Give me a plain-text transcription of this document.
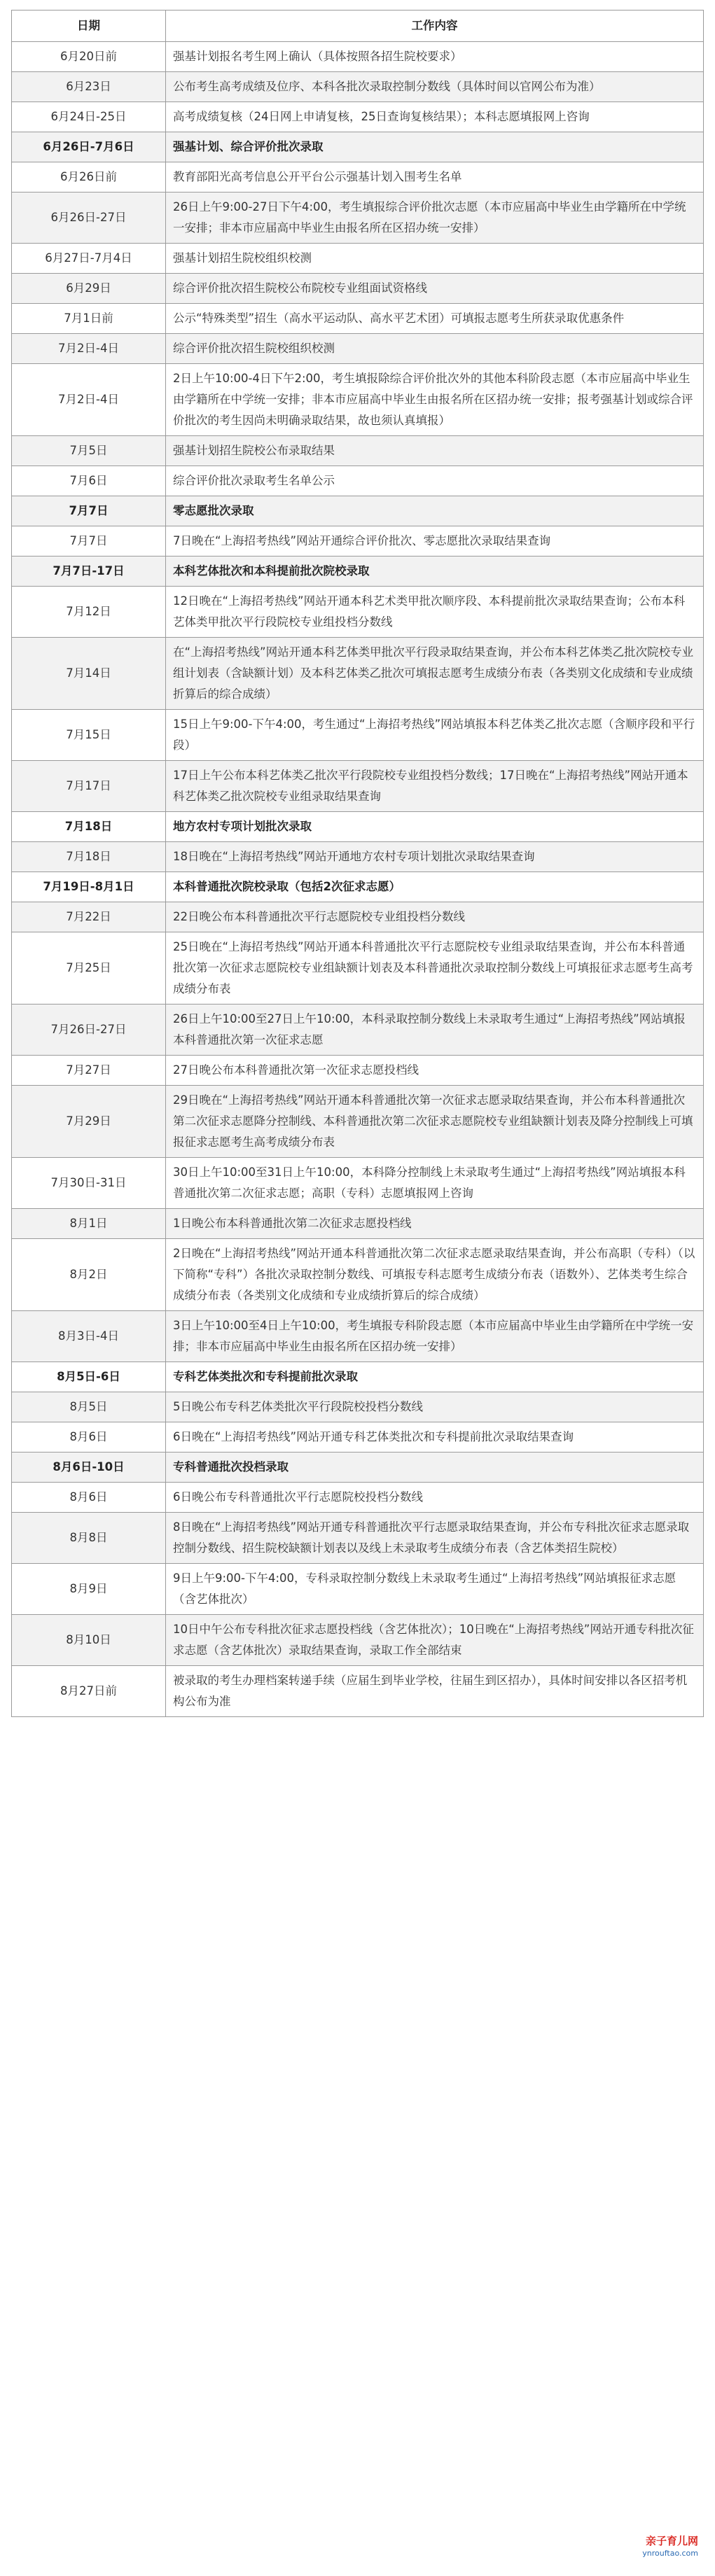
日期	工作内容
6月20日前	强基计划报名考生网上确认（具体按照各招生院校要求）
6月23日	公布考生高考成绩及位序、本科各批次录取控制分数线（具体时间以官网公布为准）
6月24日-25日	高考成绩复核（24日网上申请复核，25日查询复核结果）；本科志愿填报网上咨询
6月26日-7月6日	强基计划、综合评价批次录取
6月26日前	教育部阳光高考信息公开平台公示强基计划入围考生名单
6月26日-27日	26日上午9:00-27日下午4:00，考生填报综合评价批次志愿（本市应届高中毕业生由学籍所在中学统一安排；非本市应届高中毕业生由报名所在区招办统一安排）
6月27日-7月4日	强基计划招生院校组织校测
6月29日	综合评价批次招生院校公布院校专业组面试资格线
7月1日前	公示“特殊类型”招生（高水平运动队、高水平艺术团）可填报志愿考生所获录取优惠条件
7月2日-4日	综合评价批次招生院校组织校测
7月2日-4日	2日上午10:00-4日下午2:00，考生填报除综合评价批次外的其他本科阶段志愿（本市应届高中毕业生由学籍所在中学统一安排；非本市应届高中毕业生由报名所在区招办统一安排；报考强基计划或综合评价批次的考生因尚未明确录取结果，故也须认真填报）
7月5日	强基计划招生院校公布录取结果
7月6日	综合评价批次录取考生名单公示
7月7日	零志愿批次录取
7月7日	7日晚在“上海招考热线”网站开通综合评价批次、零志愿批次录取结果查询
7月7日-17日	本科艺体批次和本科提前批次院校录取
7月12日	12日晚在“上海招考热线”网站开通本科艺术类甲批次顺序段、本科提前批次录取结果查询；公布本科艺体类甲批次平行段院校专业组投档分数线
7月14日	在“上海招考热线”网站开通本科艺体类甲批次平行段录取结果查询，并公布本科艺体类乙批次院校专业组计划表（含缺额计划）及本科艺体类乙批次可填报志愿考生成绩分布表（各类别文化成绩和专业成绩折算后的综合成绩）
7月15日	15日上午9:00-下午4:00，考生通过“上海招考热线”网站填报本科艺体类乙批次志愿（含顺序段和平行段）
7月17日	17日上午公布本科艺体类乙批次平行段院校专业组投档分数线；17日晚在“上海招考热线”网站开通本科艺体类乙批次院校专业组录取结果查询
7月18日	地方农村专项计划批次录取
7月18日	18日晚在“上海招考热线”网站开通地方农村专项计划批次录取结果查询
7月19日-8月1日	本科普通批次院校录取（包括2次征求志愿）
7月22日	22日晚公布本科普通批次平行志愿院校专业组投档分数线
7月25日	25日晚在“上海招考热线”网站开通本科普通批次平行志愿院校专业组录取结果查询，并公布本科普通批次第一次征求志愿院校专业组缺额计划表及本科普通批次录取控制分数线上可填报征求志愿考生高考成绩分布表
7月26日-27日	26日上午10:00至27日上午10:00，本科录取控制分数线上未录取考生通过“上海招考热线”网站填报本科普通批次第一次征求志愿
7月27日	27日晚公布本科普通批次第一次征求志愿投档线
7月29日	29日晚在“上海招考热线”网站开通本科普通批次第一次征求志愿录取结果查询，并公布本科普通批次第二次征求志愿降分控制线、本科普通批次第二次征求志愿院校专业组缺额计划表及降分控制线上可填报征求志愿考生高考成绩分布表
7月30日-31日	30日上午10:00至31日上午10:00，本科降分控制线上未录取考生通过“上海招考热线”网站填报本科普通批次第二次征求志愿；高职（专科）志愿填报网上咨询
8月1日	1日晚公布本科普通批次第二次征求志愿投档线
8月2日	2日晚在“上海招考热线”网站开通本科普通批次第二次征求志愿录取结果查询，并公布高职（专科）（以下简称“专科”）各批次录取控制分数线、可填报专科志愿考生成绩分布表（语数外）、艺体类考生综合成绩分布表（各类别文化成绩和专业成绩折算后的综合成绩）
8月3日-4日	3日上午10:00至4日上午10:00，考生填报专科阶段志愿（本市应届高中毕业生由学籍所在中学统一安排；非本市应届高中毕业生由报名所在区招办统一安排）
8月5日-6日	专科艺体类批次和专科提前批次录取
8月5日	5日晚公布专科艺体类批次平行段院校投档分数线
8月6日	6日晚在“上海招考热线”网站开通专科艺体类批次和专科提前批次录取结果查询
8月6日-10日	专科普通批次投档录取
8月6日	6日晚公布专科普通批次平行志愿院校投档分数线
8月8日	8日晚在“上海招考热线”网站开通专科普通批次平行志愿录取结果查询，并公布专科批次征求志愿录取控制分数线、招生院校缺额计划表以及线上未录取考生成绩分布表（含艺体类招生院校）
8月9日	9日上午9:00-下午4:00，专科录取控制分数线上未录取考生通过“上海招考热线”网站填报征求志愿（含艺体批次）
8月10日	10日中午公布专科批次征求志愿投档线（含艺体批次）；10日晚在“上海招考热线”网站开通专科批次征求志愿（含艺体批次）录取结果查询，录取工作全部结束
8月27日前	被录取的考生办理档案转递手续（应届生到毕业学校，往届生到区招办），具体时间安排以各区招考机构公布为准
亲子育儿网
ynrouftao.com
